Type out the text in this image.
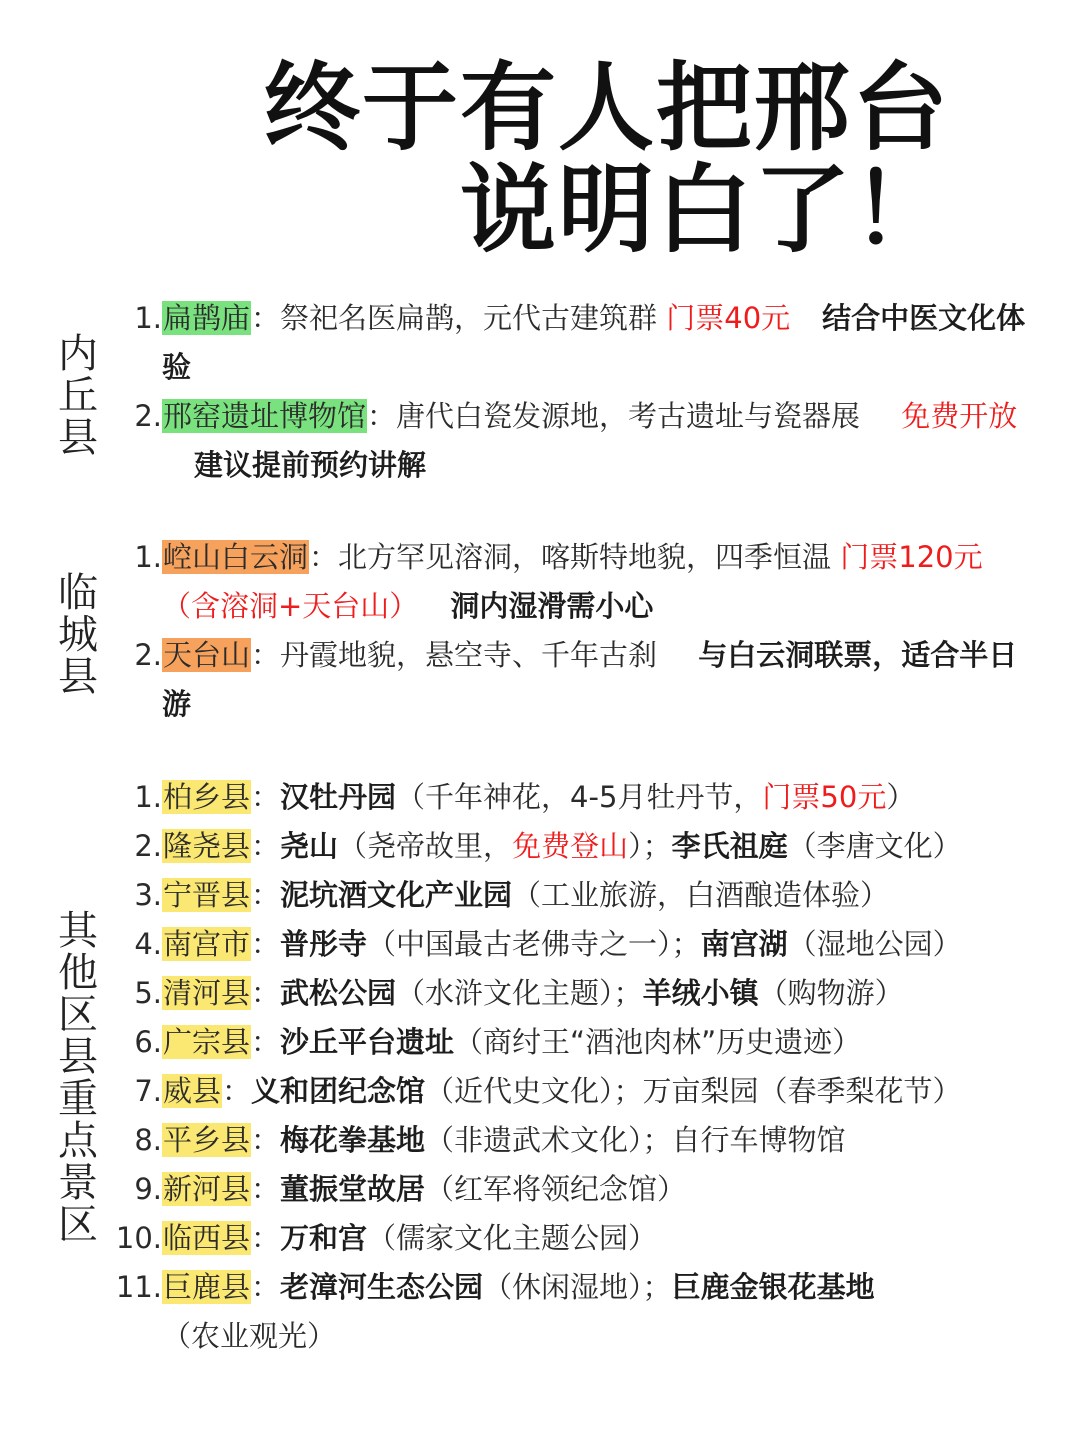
终于有人把邢台
说明白了！
内丘县
1. 扁鹊庙：祭祀名医扁鹊，元代古建筑群 门票40元 结合中医文化体验
2. 邢窑遗址博物馆：唐代白瓷发源地，考古遗址与瓷器展 免费开放建议提前预约讲解
临城县
1. 崆山白云洞：北方罕见溶洞，喀斯特地貌，四季恒温 门票120元（含溶洞+天台山） 洞内湿滑需小心
2. 天台山：丹霞地貌，悬空寺、千年古刹 与白云洞联票，适合半日游
其他区县重点景区
1. 柏乡县：汉牡丹园（千年神花，4-5月牡丹节，门票50元）
2. 隆尧县：尧山（尧帝故里，免费登山）；李氏祖庭（李唐文化）
3. 宁晋县：泥坑酒文化产业园（工业旅游，白酒酿造体验）
4. 南宫市：普彤寺（中国最古老佛寺之一）；南宫湖（湿地公园）
5. 清河县：武松公园（水浒文化主题）；羊绒小镇（购物游）
6. 广宗县：沙丘平台遗址（商纣王“酒池肉林”历史遗迹）
7. 威县：义和团纪念馆（近代史文化）；万亩梨园（春季梨花节）
8. 平乡县：梅花拳基地（非遗武术文化）；自行车博物馆
9. 新河县：董振堂故居（红军将领纪念馆）
10. 临西县：万和宫（儒家文化主题公园）
11. 巨鹿县：老漳河生态公园（休闲湿地）；巨鹿金银花基地（农业观光）
